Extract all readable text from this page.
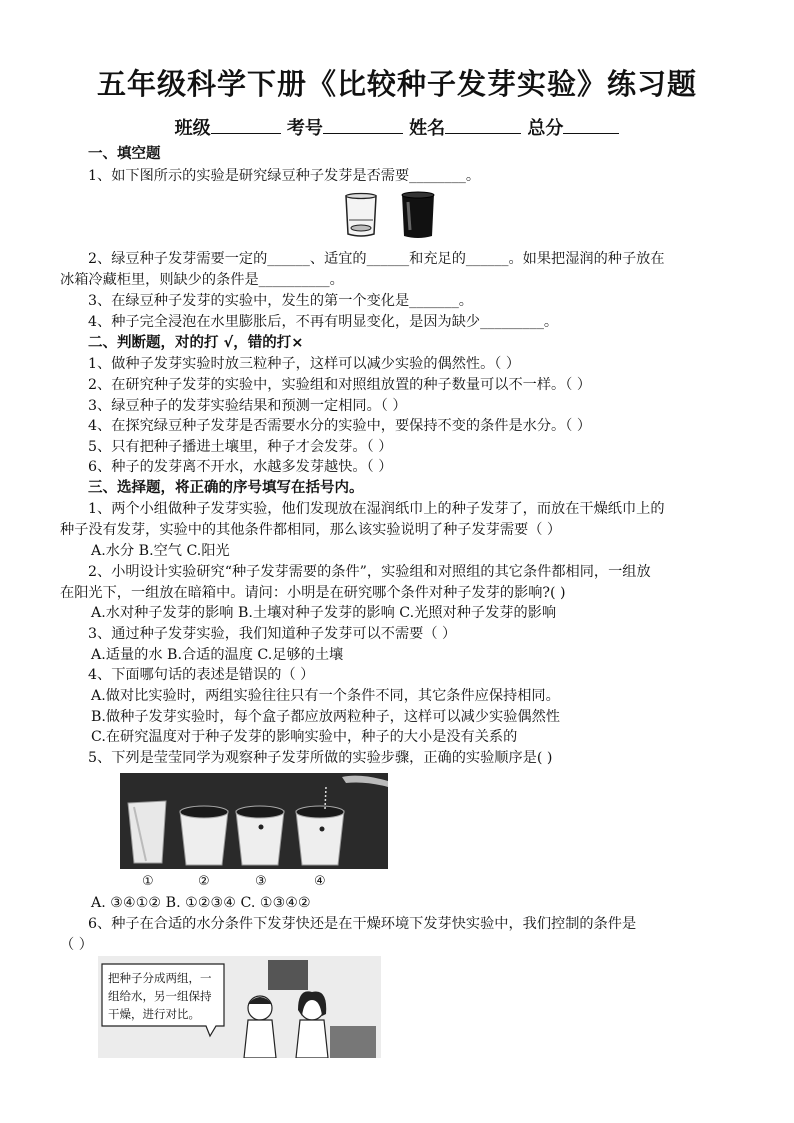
五年级科学下册《比较种子发芽实验》练习题
班级	考号	姓名	总分
一、填空题
1、如下图所示的实验是研究绿豆种子发芽是否需要________。
2、绿豆种子发芽需要一定的______、适宜的______和充足的______。如果把湿润的种子放在
冰箱冷藏柜里，则缺少的条件是__________。
3、在绿豆种子发芽的实验中，发生的第一个变化是_______。
4、种子完全浸泡在水里膨胀后，不再有明显变化，是因为缺少_________。
二、判断题，对的打 √，错的打×
1、做种子发芽实验时放三粒种子，这样可以减少实验的偶然性。（ ）
2、在研究种子发芽的实验中，实验组和对照组放置的种子数量可以不一样。（ ）
3、绿豆种子的发芽实验结果和预测一定相同。（ ）
4、在探究绿豆种子发芽是否需要水分的实验中，要保持不变的条件是水分。（ ）
5、只有把种子播进土壤里，种子才会发芽。（ ）
6、种子的发芽离不开水，水越多发芽越快。（ ）
三、选择题，将正确的序号填写在括号内。
1、两个小组做种子发芽实验，他们发现放在湿润纸巾上的种子发芽了，而放在干燥纸巾上的
种子没有发芽，实验中的其他条件都相同，那么该实验说明了种子发芽需要（ ）
A.水分 B.空气 C.阳光
2、小明设计实验研究“种子发芽需要的条件”，实验组和对照组的其它条件都相同，一组放
在阳光下，一组放在暗箱中。请问：小明是在研究哪个条件对种子发芽的影响?( )
A.水对种子发芽的影响 B.土壤对种子发芽的影响 C.光照对种子发芽的影响
3、通过种子发芽实验，我们知道种子发芽可以不需要（ ）
A.适量的水 B.合适的温度 C.足够的土壤
4、下面哪句话的表述是错误的（ ）
A.做对比实验时，两组实验往往只有一个条件不同，其它条件应保持相同。
B.做种子发芽实验时，每个盒子都应放两粒种子，这样可以减少实验偶然性
C.在研究温度对于种子发芽的影响实验中，种子的大小是没有关系的
5、下列是莹莹同学为观察种子发芽所做的实验步骤，正确的实验顺序是( )
①	②	③	④
A. ③④①② B. ①②③④ C. ①③④②
6、种子在合适的水分条件下发芽快还是在干燥环境下发芽快实验中，我们控制的条件是
（ ）
把种子分成两组，一
组给水，另一组保持
干燥，进行对比。
